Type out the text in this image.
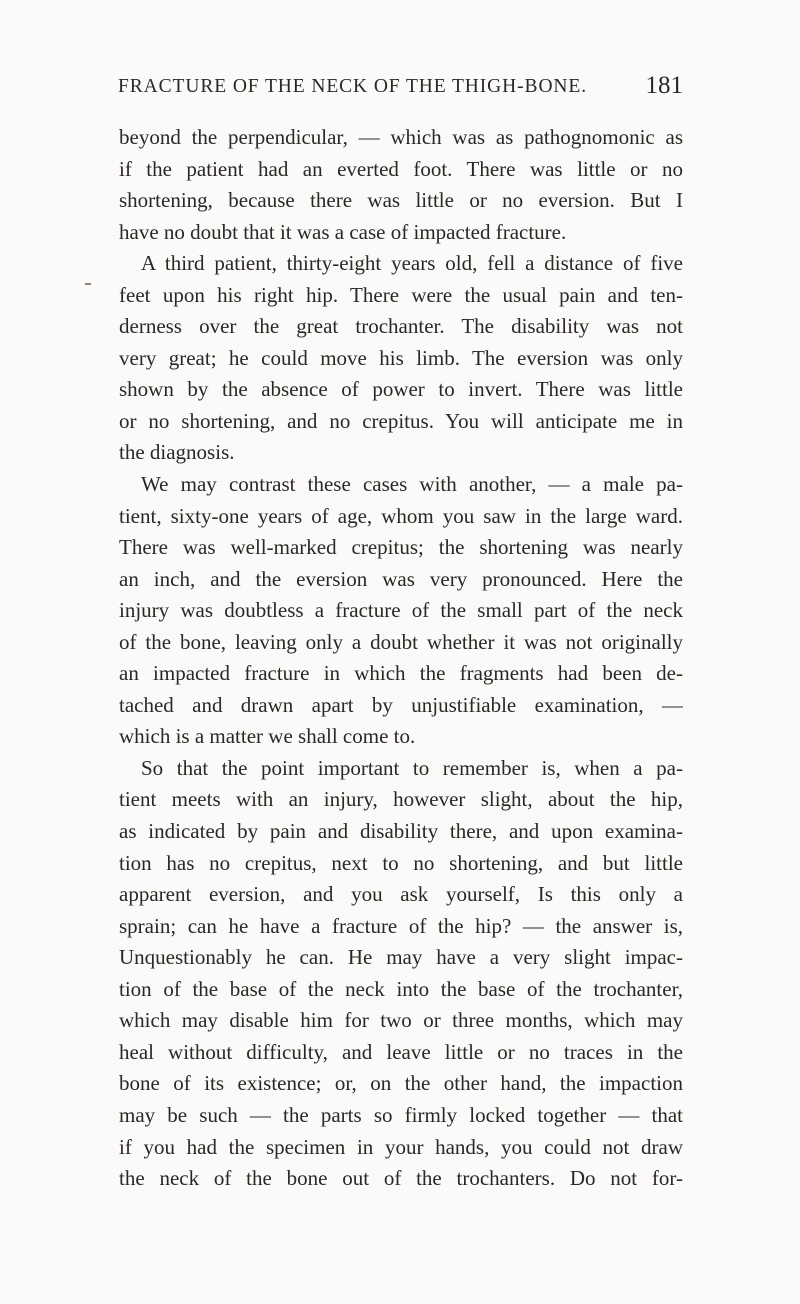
FRACTURE OF THE NECK OF THE THIGH-BONE. 181
beyond the perpendicular, — which was as pathognomonic as
if the patient had an everted foot. There was little or no
shortening, because there was little or no eversion. But I
have no doubt that it was a case of impacted fracture.
A third patient, thirty-eight years old, fell a distance of five
feet upon his right hip. There were the usual pain and ten-
derness over the great trochanter. The disability was not
very great; he could move his limb. The eversion was only
shown by the absence of power to invert. There was little
or no shortening, and no crepitus. You will anticipate me in
the diagnosis.
We may contrast these cases with another, — a male pa-
tient, sixty-one years of age, whom you saw in the large ward.
There was well-marked crepitus; the shortening was nearly
an inch, and the eversion was very pronounced. Here the
injury was doubtless a fracture of the small part of the neck
of the bone, leaving only a doubt whether it was not originally
an impacted fracture in which the fragments had been de-
tached and drawn apart by unjustifiable examination, —
which is a matter we shall come to.
So that the point important to remember is, when a pa-
tient meets with an injury, however slight, about the hip,
as indicated by pain and disability there, and upon examina-
tion has no crepitus, next to no shortening, and but little
apparent eversion, and you ask yourself, Is this only a
sprain; can he have a fracture of the hip? — the answer is,
Unquestionably he can. He may have a very slight impac-
tion of the base of the neck into the base of the trochanter,
which may disable him for two or three months, which may
heal without difficulty, and leave little or no traces in the
bone of its existence; or, on the other hand, the impaction
may be such — the parts so firmly locked together — that
if you had the specimen in your hands, you could not draw
the neck of the bone out of the trochanters. Do not for-
